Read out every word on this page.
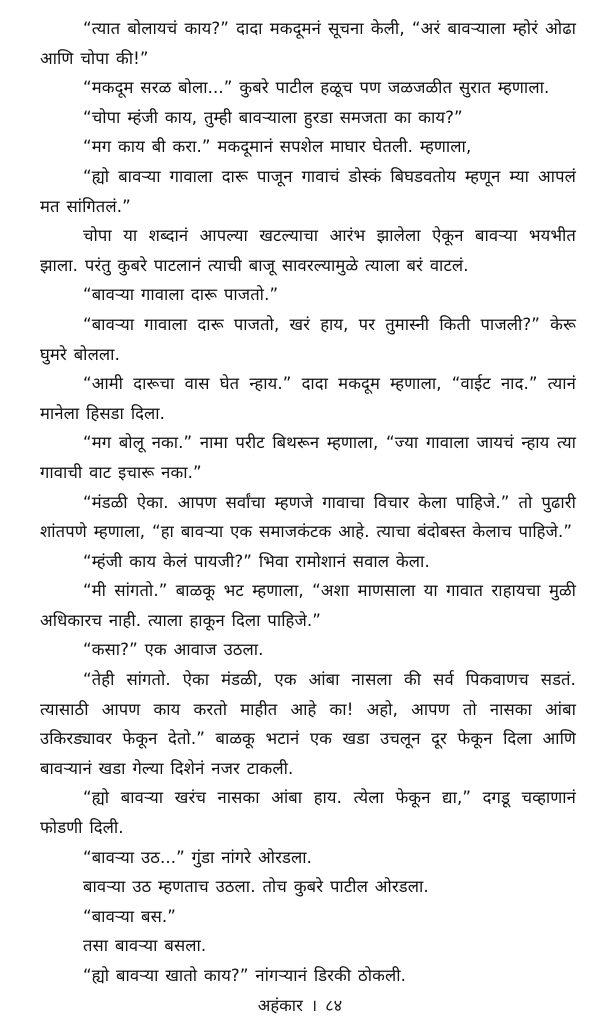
“त्यात बोलायचं काय?” दादा मकदूमनं सूचना केली, “अरं बावऱ्याला म्होरं ओढा आणि चोपा की!”

“मकदूम सरळ बोला...” कुबरे पाटील हळूच पण जळजळीत सुरात म्हणाला.

“चोपा म्हंजी काय, तुम्ही बावऱ्याला हुरडा समजता का काय?”

“मग काय बी करा.” मकदूमानं सपशेल माघार घेतली. म्हणाला,

“ह्यो बावऱ्या गावाला दारू पाजून गावाचं डोस्कं बिघडवतोय म्हणून म्या आपलं मत सांगितलं.”

चोपा या शब्दानं आपल्या खटल्याचा आरंभ झालेला ऐकून बावऱ्या भयभीत झाला. परंतु कुबरे पाटलानं त्याची बाजू सावरल्यामुळे त्याला बरं वाटलं.

“बावऱ्या गावाला दारू पाजतो.”

“बावऱ्या गावाला दारू पाजतो, खरं हाय, पर तुमास्नी किती पाजली?” केरू घुमरे बोलला.

“आमी दारूचा वास घेत न्हाय.” दादा मकदूम म्हणाला, “वाईट नाद.” त्यानं मानेला हिसडा दिला.

“मग बोलू नका.” नामा परीट बिथरून म्हणाला, “ज्या गावाला जायचं न्हाय त्या गावाची वाट इचारू नका.”

“मंडळी ऐका. आपण सर्वांचा म्हणजे गावाचा विचार केला पाहिजे.” तो पुढारी शांतपणे म्हणाला, “हा बावऱ्या एक समाजकंटक आहे. त्याचा बंदोबस्त केलाच पाहिजे.”

“म्हंजी काय केलं पायजी?” भिवा रामोशानं सवाल केला.

“मी सांगतो.” बाळकू भट म्हणाला, “अशा माणसाला या गावात राहायचा मुळी अधिकारच नाही. त्याला हाकून दिला पाहिजे.”

“कसा?” एक आवाज उठला.

“तेही सांगतो. ऐका मंडळी, एक आंबा नासला की सर्व पिकवाणच सडतं. त्यासाठी आपण काय करतो माहीत आहे का! अहो, आपण तो नासका आंबा उकिरड्यावर फेकून देतो.” बाळकू भटानं एक खडा उचलून दूर फेकून दिला आणि बावऱ्यानं खडा गेल्या दिशेनं नजर टाकली.

“ह्यो बावऱ्या खरंच नासका आंबा हाय. त्येला फेकून द्या,” दगडू चव्हाणानं फोडणी दिली.

“बावऱ्या उठ...” गुंडा नांगरे ओरडला.

बावऱ्या उठ म्हणताच उठला. तोच कुबरे पाटील ओरडला.

“बावऱ्या बस.”

तसा बावऱ्या बसला.

“ह्यो बावऱ्या खातो काय?” नांगऱ्यानं डिरकी ठोकली.

अहंकार । ८४
